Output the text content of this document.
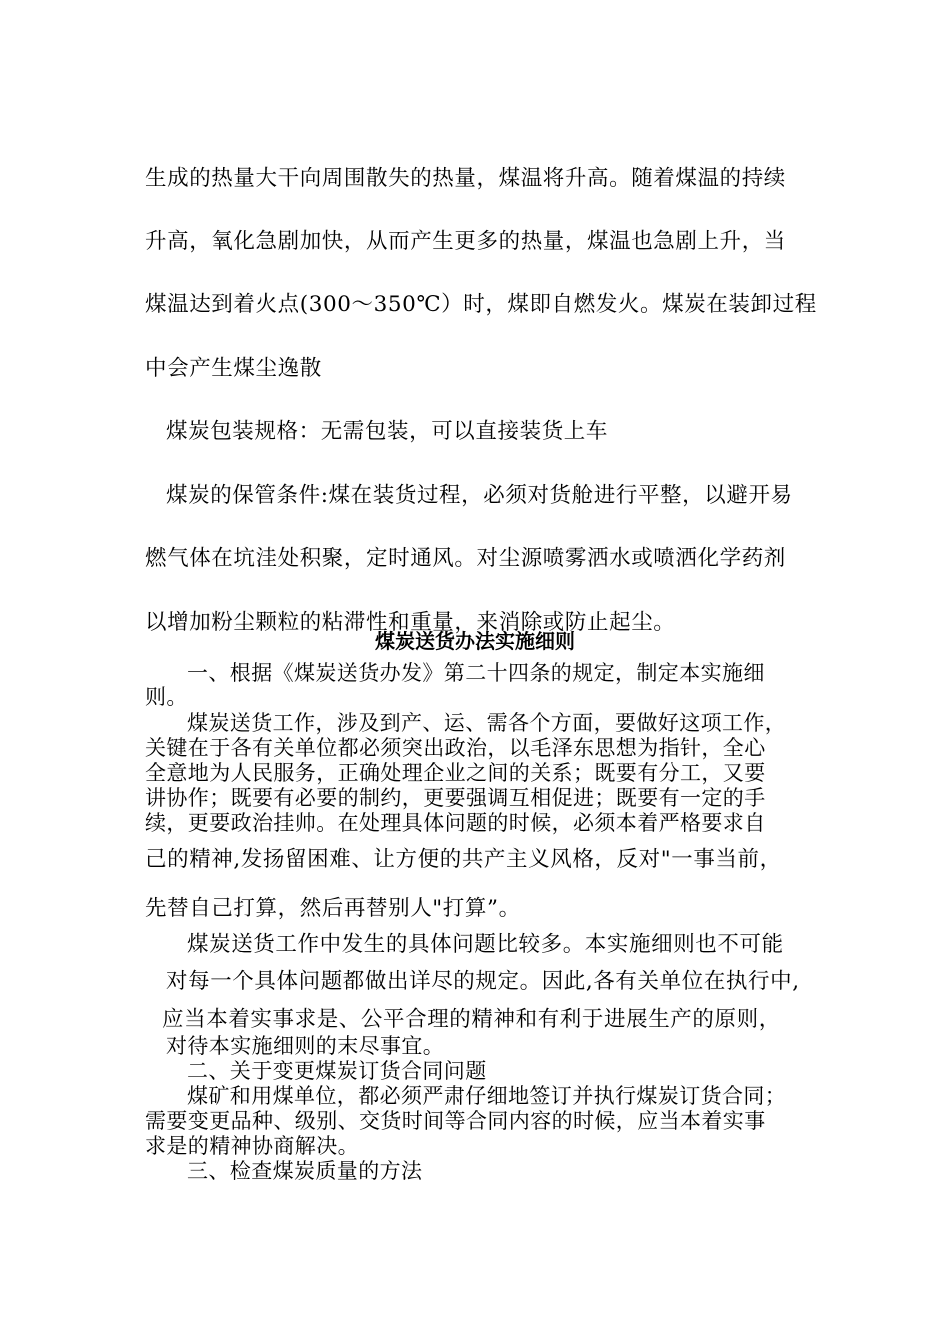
生成的热量大干向周围散失的热量，煤温将升高。随着煤温的持续
升高，氧化急剧加快，从而产生更多的热量，煤温也急剧上升，当
煤温达到着火点(300～350℃）时，煤即自燃发火。煤炭在装卸过程
中会产生煤尘逸散
煤炭包装规格：无需包装，可以直接装货上车
煤炭的保管条件:煤在装货过程，必须对货舱进行平整，以避开易
燃气体在坑洼处积聚，定时通风。对尘源喷雾洒水或喷洒化学药剂
以增加粉尘颗粒的粘滞性和重量，来消除或防止起尘。
煤炭送货办法实施细则
一、根据《煤炭送货办发》第二十四条的规定，制定本实施细
则。
煤炭送货工作，涉及到产、运、需各个方面，要做好这项工作，
关键在于各有关单位都必须突出政治，以毛泽东思想为指针，全心
全意地为人民服务，正确处理企业之间的关系；既要有分工，又要
讲协作；既要有必要的制约，更要强调互相促进；既要有一定的手
续，更要政治挂帅。在处理具体问题的时候，必须本着严格要求自
己的精神,发扬留困难、让方便的共产主义风格，反对"一事当前，
先替自己打算，然后再替别人"打算”。
煤炭送货工作中发生的具体问题比较多。本实施细则也不可能
对每一个具体问题都做出详尽的规定。因此,各有关单位在执行中,
应当本着实事求是、公平合理的精神和有利于进展生产的原则，
对待本实施细则的末尽事宜。
二、关于变更煤炭订货合同问题
煤矿和用煤单位，都必须严肃仔细地签订并执行煤炭订货合同；
需要变更品种、级别、交货时间等合同内容的时候，应当本着实事
求是的精神协商解决。
三、检查煤炭质量的方法
